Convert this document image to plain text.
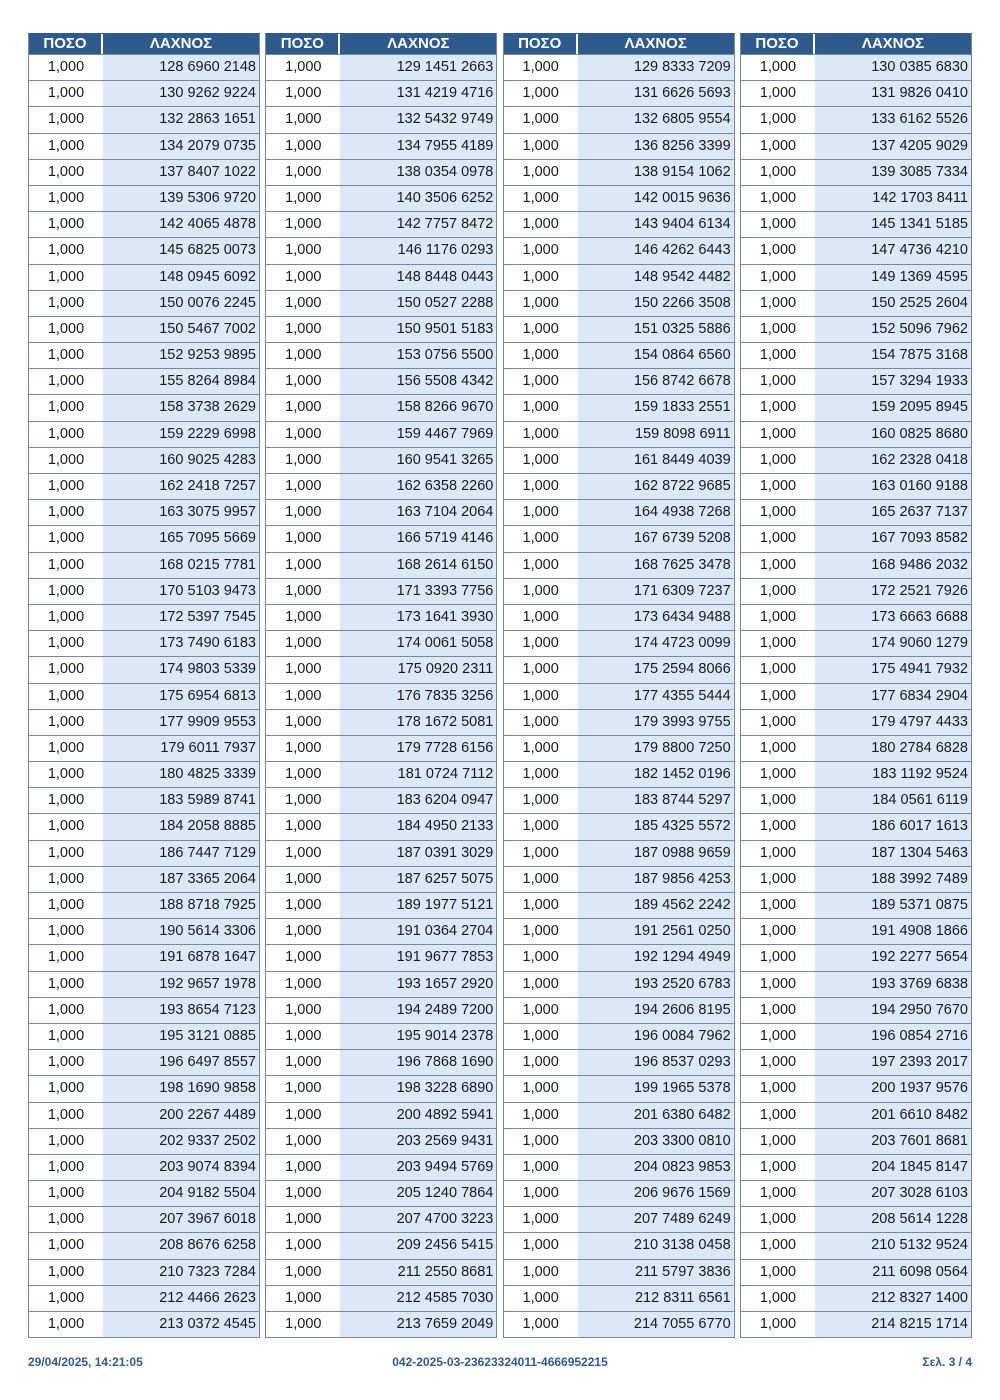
ΠΟΣΟ	ΛΑΧΝΟΣ
1,000	128 6960 2148
1,000	130 9262 9224
1,000	132 2863 1651
1,000	134 2079 0735
1,000	137 8407 1022
1,000	139 5306 9720
1,000	142 4065 4878
1,000	145 6825 0073
1,000	148 0945 6092
1,000	150 0076 2245
1,000	150 5467 7002
1,000	152 9253 9895
1,000	155 8264 8984
1,000	158 3738 2629
1,000	159 2229 6998
1,000	160 9025 4283
1,000	162 2418 7257
1,000	163 3075 9957
1,000	165 7095 5669
1,000	168 0215 7781
1,000	170 5103 9473
1,000	172 5397 7545
1,000	173 7490 6183
1,000	174 9803 5339
1,000	175 6954 6813
1,000	177 9909 9553
1,000	179 6011 7937
1,000	180 4825 3339
1,000	183 5989 8741
1,000	184 2058 8885
1,000	186 7447 7129
1,000	187 3365 2064
1,000	188 8718 7925
1,000	190 5614 3306
1,000	191 6878 1647
1,000	192 9657 1978
1,000	193 8654 7123
1,000	195 3121 0885
1,000	196 6497 8557
1,000	198 1690 9858
1,000	200 2267 4489
1,000	202 9337 2502
1,000	203 9074 8394
1,000	204 9182 5504
1,000	207 3967 6018
1,000	208 8676 6258
1,000	210 7323 7284
1,000	212 4466 2623
1,000	213 0372 4545
ΠΟΣΟ	ΛΑΧΝΟΣ
1,000	129 1451 2663
1,000	131 4219 4716
1,000	132 5432 9749
1,000	134 7955 4189
1,000	138 0354 0978
1,000	140 3506 6252
1,000	142 7757 8472
1,000	146 1176 0293
1,000	148 8448 0443
1,000	150 0527 2288
1,000	150 9501 5183
1,000	153 0756 5500
1,000	156 5508 4342
1,000	158 8266 9670
1,000	159 4467 7969
1,000	160 9541 3265
1,000	162 6358 2260
1,000	163 7104 2064
1,000	166 5719 4146
1,000	168 2614 6150
1,000	171 3393 7756
1,000	173 1641 3930
1,000	174 0061 5058
1,000	175 0920 2311
1,000	176 7835 3256
1,000	178 1672 5081
1,000	179 7728 6156
1,000	181 0724 7112
1,000	183 6204 0947
1,000	184 4950 2133
1,000	187 0391 3029
1,000	187 6257 5075
1,000	189 1977 5121
1,000	191 0364 2704
1,000	191 9677 7853
1,000	193 1657 2920
1,000	194 2489 7200
1,000	195 9014 2378
1,000	196 7868 1690
1,000	198 3228 6890
1,000	200 4892 5941
1,000	203 2569 9431
1,000	203 9494 5769
1,000	205 1240 7864
1,000	207 4700 3223
1,000	209 2456 5415
1,000	211 2550 8681
1,000	212 4585 7030
1,000	213 7659 2049
ΠΟΣΟ	ΛΑΧΝΟΣ
1,000	129 8333 7209
1,000	131 6626 5693
1,000	132 6805 9554
1,000	136 8256 3399
1,000	138 9154 1062
1,000	142 0015 9636
1,000	143 9404 6134
1,000	146 4262 6443
1,000	148 9542 4482
1,000	150 2266 3508
1,000	151 0325 5886
1,000	154 0864 6560
1,000	156 8742 6678
1,000	159 1833 2551
1,000	159 8098 6911
1,000	161 8449 4039
1,000	162 8722 9685
1,000	164 4938 7268
1,000	167 6739 5208
1,000	168 7625 3478
1,000	171 6309 7237
1,000	173 6434 9488
1,000	174 4723 0099
1,000	175 2594 8066
1,000	177 4355 5444
1,000	179 3993 9755
1,000	179 8800 7250
1,000	182 1452 0196
1,000	183 8744 5297
1,000	185 4325 5572
1,000	187 0988 9659
1,000	187 9856 4253
1,000	189 4562 2242
1,000	191 2561 0250
1,000	192 1294 4949
1,000	193 2520 6783
1,000	194 2606 8195
1,000	196 0084 7962
1,000	196 8537 0293
1,000	199 1965 5378
1,000	201 6380 6482
1,000	203 3300 0810
1,000	204 0823 9853
1,000	206 9676 1569
1,000	207 7489 6249
1,000	210 3138 0458
1,000	211 5797 3836
1,000	212 8311 6561
1,000	214 7055 6770
ΠΟΣΟ	ΛΑΧΝΟΣ
1,000	130 0385 6830
1,000	131 9826 0410
1,000	133 6162 5526
1,000	137 4205 9029
1,000	139 3085 7334
1,000	142 1703 8411
1,000	145 1341 5185
1,000	147 4736 4210
1,000	149 1369 4595
1,000	150 2525 2604
1,000	152 5096 7962
1,000	154 7875 3168
1,000	157 3294 1933
1,000	159 2095 8945
1,000	160 0825 8680
1,000	162 2328 0418
1,000	163 0160 9188
1,000	165 2637 7137
1,000	167 7093 8582
1,000	168 9486 2032
1,000	172 2521 7926
1,000	173 6663 6688
1,000	174 9060 1279
1,000	175 4941 7932
1,000	177 6834 2904
1,000	179 4797 4433
1,000	180 2784 6828
1,000	183 1192 9524
1,000	184 0561 6119
1,000	186 6017 1613
1,000	187 1304 5463
1,000	188 3992 7489
1,000	189 5371 0875
1,000	191 4908 1866
1,000	192 2277 5654
1,000	193 3769 6838
1,000	194 2950 7670
1,000	196 0854 2716
1,000	197 2393 2017
1,000	200 1937 9576
1,000	201 6610 8482
1,000	203 7601 8681
1,000	204 1845 8147
1,000	207 3028 6103
1,000	208 5614 1228
1,000	210 5132 9524
1,000	211 6098 0564
1,000	212 8327 1400
1,000	214 8215 1714
29/04/2025, 14:21:05	042-2025-03-23623324011-4666952215	Σελ. 3 / 4
